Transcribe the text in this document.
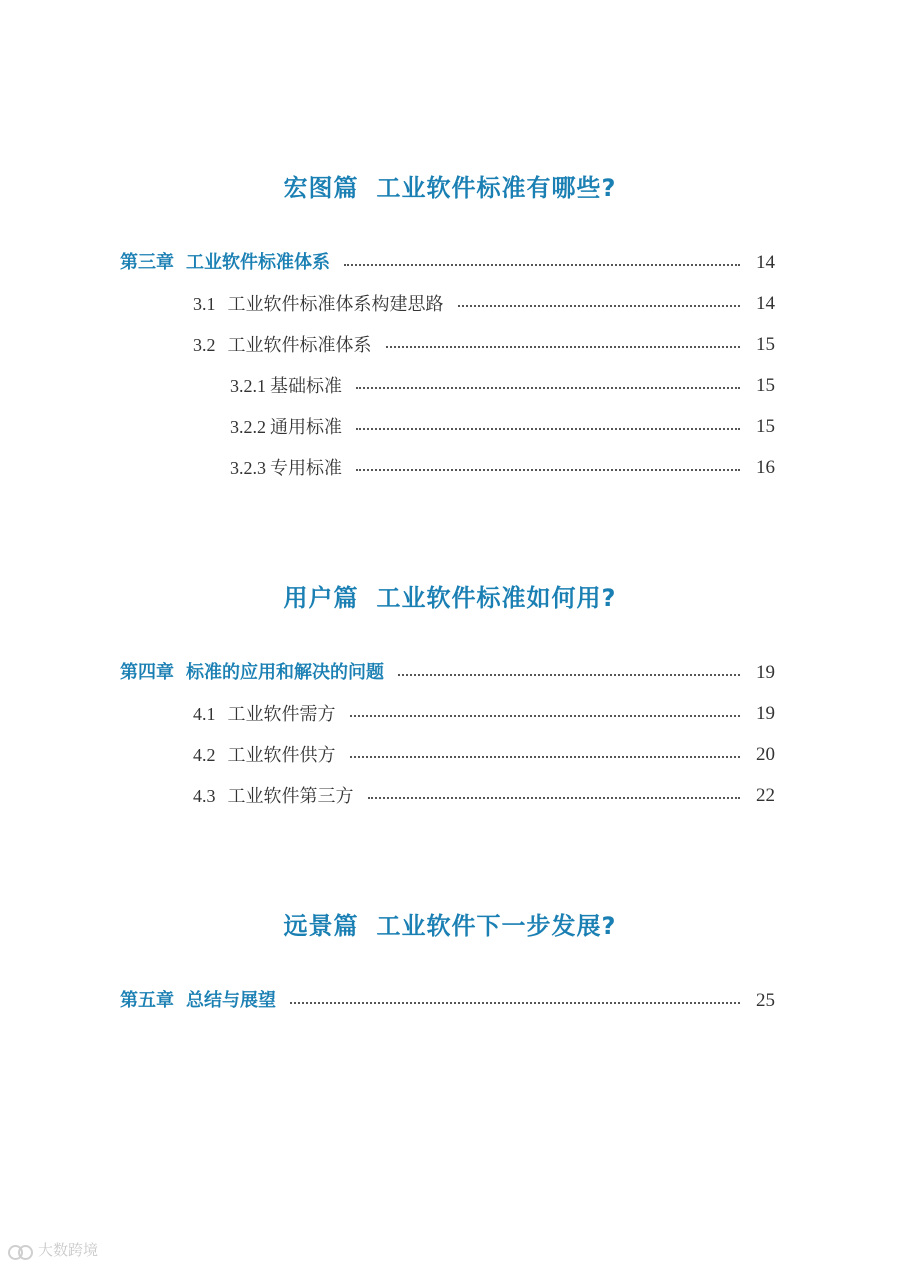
宏图篇 工业软件标准有哪些?
第三章 工业软件标准体系	14
3.1 工业软件标准体系构建思路	14
3.2 工业软件标准体系	15
3.2.1 基础标准	15
3.2.2 通用标准	15
3.2.3 专用标准	16
用户篇 工业软件标准如何用?
第四章 标准的应用和解决的问题	19
4.1 工业软件需方	19
4.2 工业软件供方	20
4.3 工业软件第三方	22
远景篇 工业软件下一步发展?
第五章 总结与展望	25
大数跨境
